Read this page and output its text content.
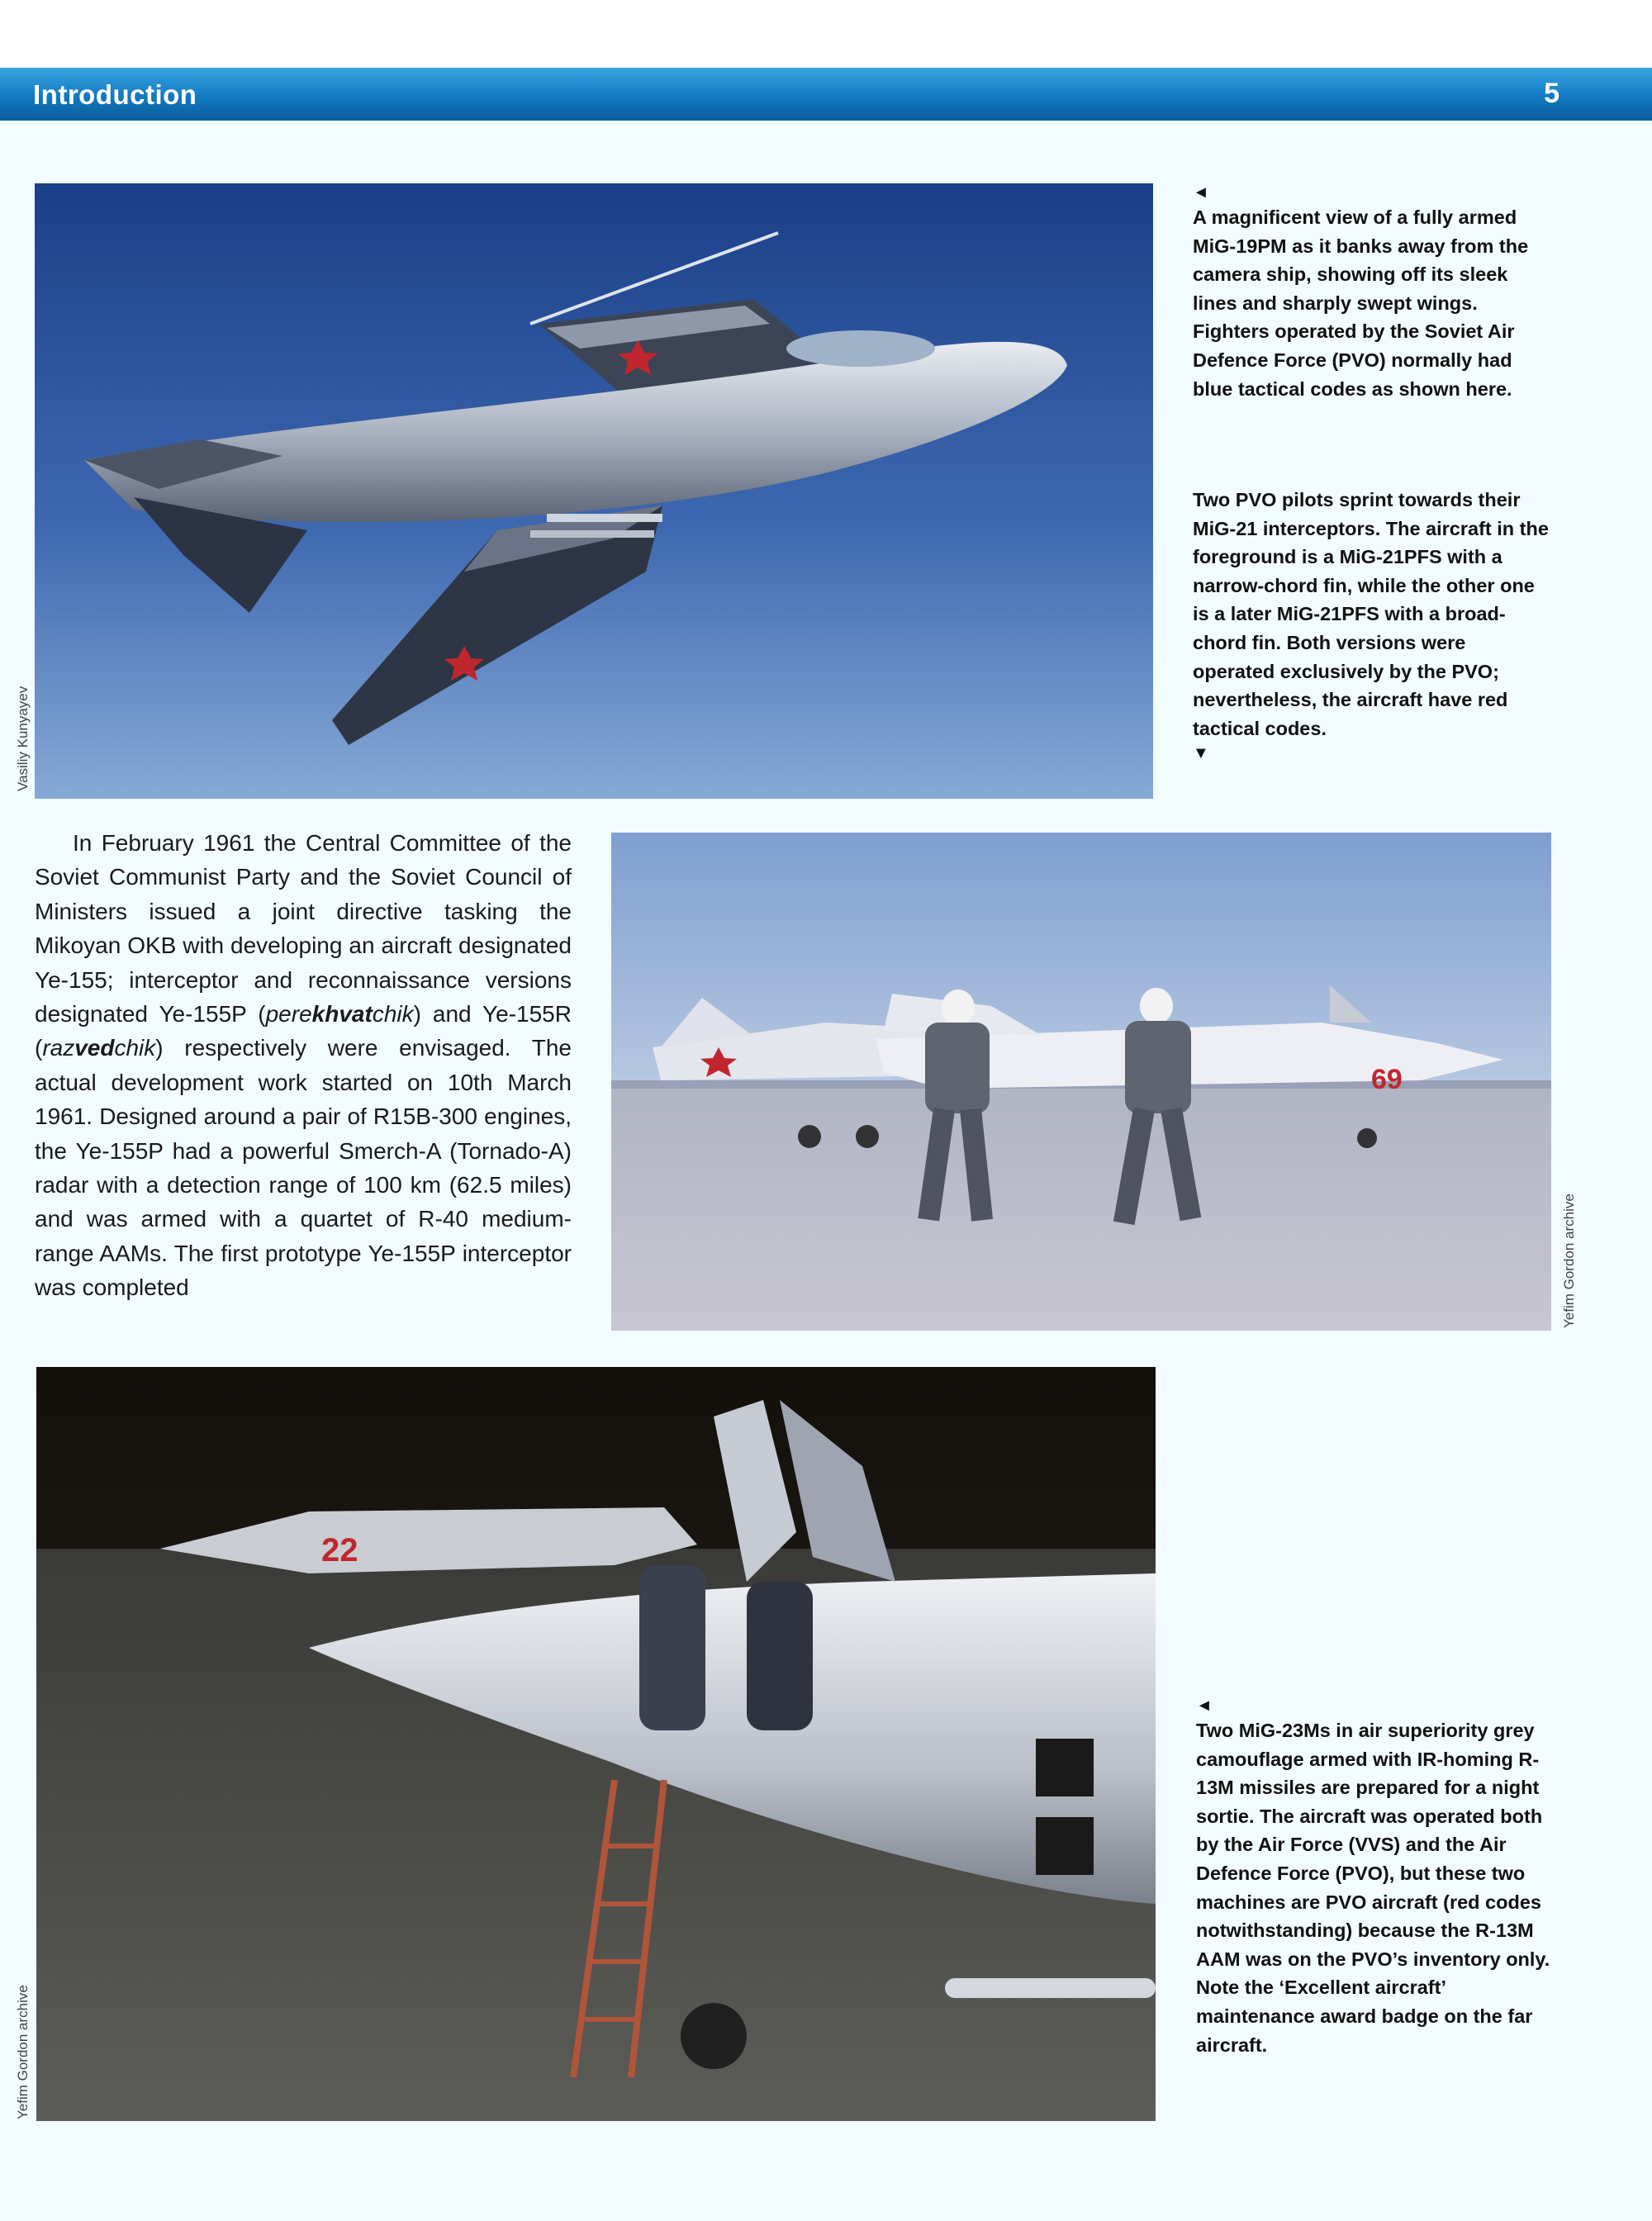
Introduction	5
Vasiliy Kunyayev
◄

A magnificent view of a fully armed MiG-19PM as it banks away from the camera ship, showing off its sleek lines and sharply swept wings. Fighters operated by the Soviet Air Defence Force (PVO) normally had blue tactical codes as shown here.

Two PVO pilots sprint towards their MiG-21 interceptors. The aircraft in the foreground is a MiG-21PFS with a narrow-chord fin, while the other one is a later MiG-21PFS with a broad-chord fin. Both versions were operated exclusively by the PVO; nevertheless, the aircraft have red tactical codes.

▼
In February 1961 the Central Committee of the Soviet Communist Party and the Soviet Council of Ministers issued a joint directive tasking the Mikoyan OKB with developing an aircraft designated Ye-155; interceptor and reconnaissance versions designated Ye-155P (perekhvatchik) and Ye-155R (razvedchik) respectively were envisaged. The actual development work started on 10th March 1961. Designed around a pair of R15B-300 engines, the Ye-155P had a powerful Smerch-A (Tornado-A) radar with a detection range of 100 km (62.5 miles) and was armed with a quartet of R-40 medium-range AAMs. The first prototype Ye-155P interceptor was completed
69
Yefim Gordon archive
22
Yefim Gordon archive
◄

Two MiG-23Ms in air superiority grey camouflage armed with IR-homing R-13M missiles are prepared for a night sortie. The aircraft was operated both by the Air Force (VVS) and the Air Defence Force (PVO), but these two machines are PVO aircraft (red codes notwithstanding) because the R-13M AAM was on the PVO’s inventory only. Note the ‘Excellent aircraft’ maintenance award badge on the far aircraft.
